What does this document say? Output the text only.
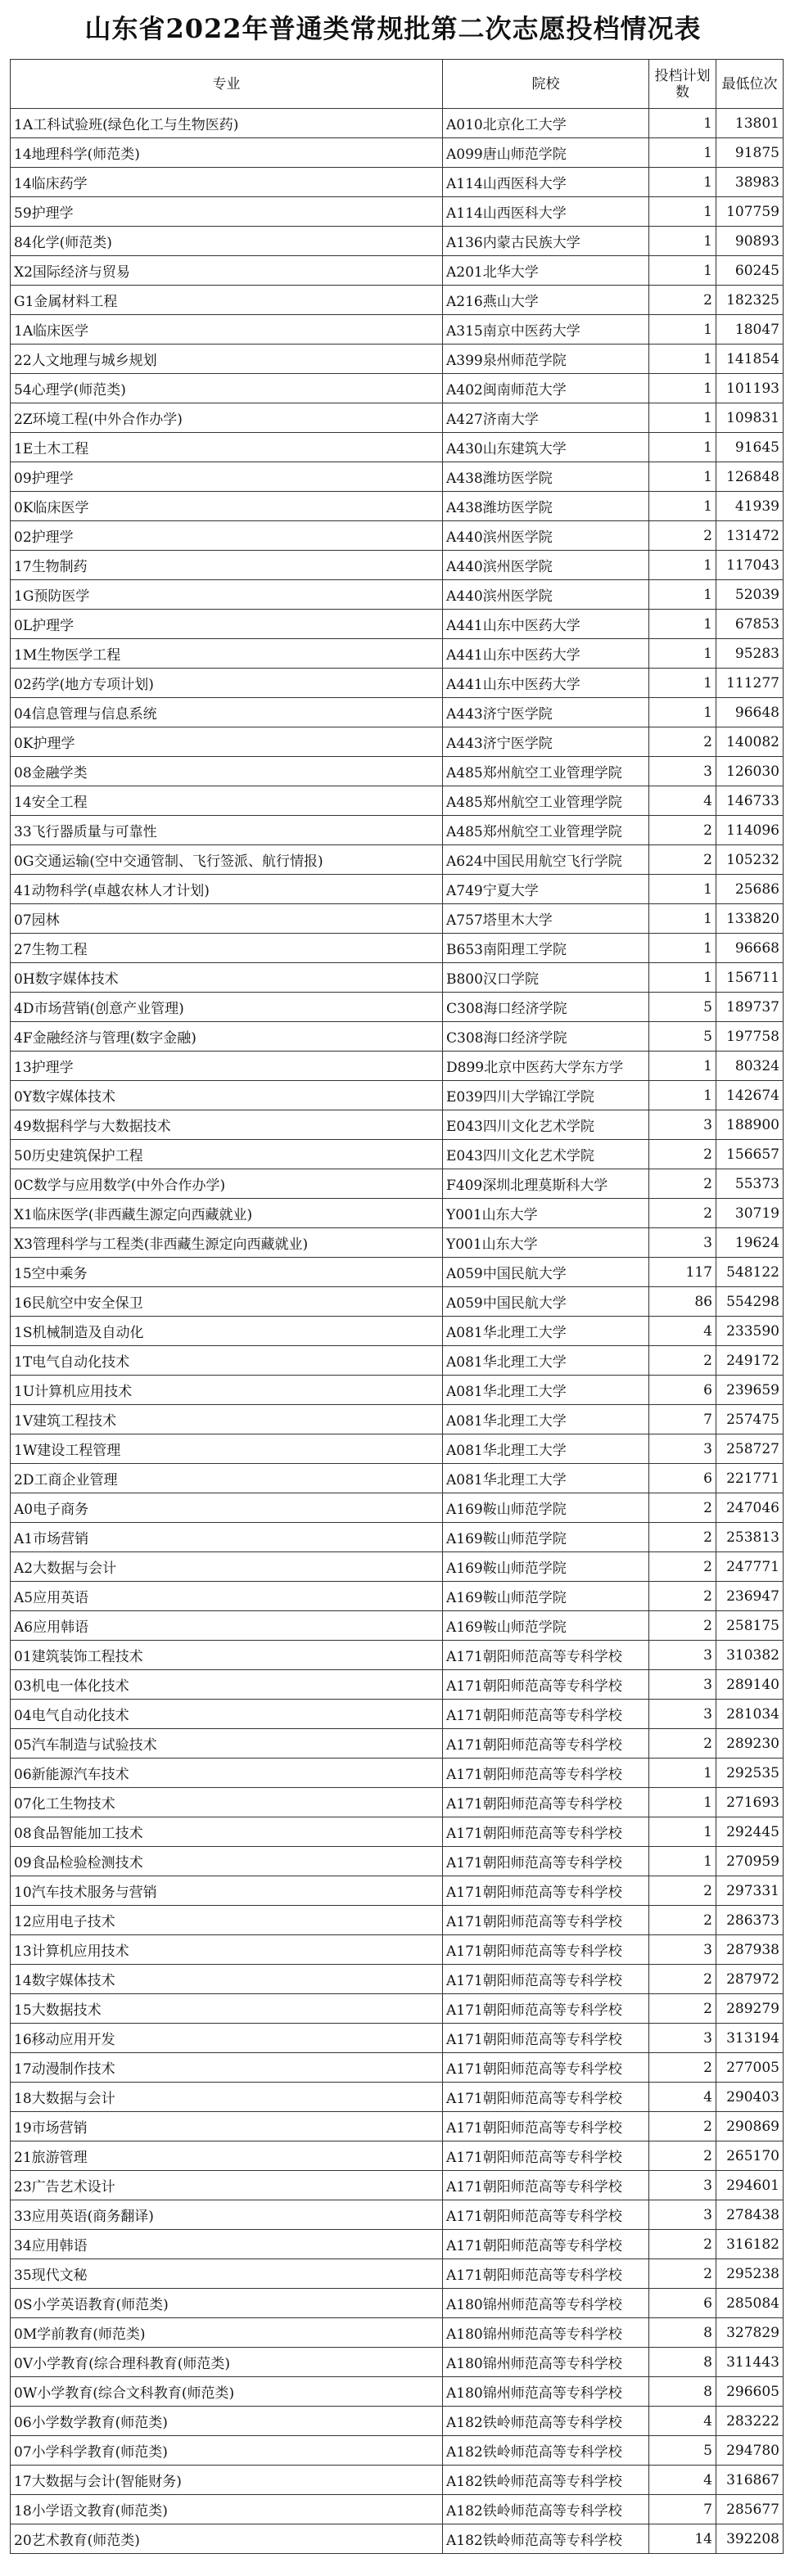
山东省2022年普通类常规批第二次志愿投档情况表
专业	院校	投档计划数	最低位次
1A工科试验班(绿色化工与生物医药)	A010北京化工大学	1	13801
14地理科学(师范类)	A099唐山师范学院	1	91875
14临床药学	A114山西医科大学	1	38983
59护理学	A114山西医科大学	1	107759
84化学(师范类)	A136内蒙古民族大学	1	90893
X2国际经济与贸易	A201北华大学	1	60245
G1金属材料工程	A216燕山大学	2	182325
1A临床医学	A315南京中医药大学	1	18047
22人文地理与城乡规划	A399泉州师范学院	1	141854
54心理学(师范类)	A402闽南师范大学	1	101193
2Z环境工程(中外合作办学)	A427济南大学	1	109831
1E土木工程	A430山东建筑大学	1	91645
09护理学	A438潍坊医学院	1	126848
0K临床医学	A438潍坊医学院	1	41939
02护理学	A440滨州医学院	2	131472
17生物制药	A440滨州医学院	1	117043
1G预防医学	A440滨州医学院	1	52039
0L护理学	A441山东中医药大学	1	67853
1M生物医学工程	A441山东中医药大学	1	95283
02药学(地方专项计划)	A441山东中医药大学	1	111277
04信息管理与信息系统	A443济宁医学院	1	96648
0K护理学	A443济宁医学院	2	140082
08金融学类	A485郑州航空工业管理学院	3	126030
14安全工程	A485郑州航空工业管理学院	4	146733
33飞行器质量与可靠性	A485郑州航空工业管理学院	2	114096
0G交通运输(空中交通管制、飞行签派、航行情报)	A624中国民用航空飞行学院	2	105232
41动物科学(卓越农林人才计划)	A749宁夏大学	1	25686
07园林	A757塔里木大学	1	133820
27生物工程	B653南阳理工学院	1	96668
0H数字媒体技术	B800汉口学院	1	156711
4D市场营销(创意产业管理)	C308海口经济学院	5	189737
4F金融经济与管理(数字金融)	C308海口经济学院	5	197758
13护理学	D899北京中医药大学东方学	1	80324
0Y数字媒体技术	E039四川大学锦江学院	1	142674
49数据科学与大数据技术	E043四川文化艺术学院	3	188900
50历史建筑保护工程	E043四川文化艺术学院	2	156657
0C数学与应用数学(中外合作办学)	F409深圳北理莫斯科大学	2	55373
X1临床医学(非西藏生源定向西藏就业)	Y001山东大学	2	30719
X3管理科学与工程类(非西藏生源定向西藏就业)	Y001山东大学	3	19624
15空中乘务	A059中国民航大学	117	548122
16民航空中安全保卫	A059中国民航大学	86	554298
1S机械制造及自动化	A081华北理工大学	4	233590
1T电气自动化技术	A081华北理工大学	2	249172
1U计算机应用技术	A081华北理工大学	6	239659
1V建筑工程技术	A081华北理工大学	7	257475
1W建设工程管理	A081华北理工大学	3	258727
2D工商企业管理	A081华北理工大学	6	221771
A0电子商务	A169鞍山师范学院	2	247046
A1市场营销	A169鞍山师范学院	2	253813
A2大数据与会计	A169鞍山师范学院	2	247771
A5应用英语	A169鞍山师范学院	2	236947
A6应用韩语	A169鞍山师范学院	2	258175
01建筑装饰工程技术	A171朝阳师范高等专科学校	3	310382
03机电一体化技术	A171朝阳师范高等专科学校	3	289140
04电气自动化技术	A171朝阳师范高等专科学校	3	281034
05汽车制造与试验技术	A171朝阳师范高等专科学校	2	289230
06新能源汽车技术	A171朝阳师范高等专科学校	1	292535
07化工生物技术	A171朝阳师范高等专科学校	1	271693
08食品智能加工技术	A171朝阳师范高等专科学校	1	292445
09食品检验检测技术	A171朝阳师范高等专科学校	1	270959
10汽车技术服务与营销	A171朝阳师范高等专科学校	2	297331
12应用电子技术	A171朝阳师范高等专科学校	2	286373
13计算机应用技术	A171朝阳师范高等专科学校	3	287938
14数字媒体技术	A171朝阳师范高等专科学校	2	287972
15大数据技术	A171朝阳师范高等专科学校	2	289279
16移动应用开发	A171朝阳师范高等专科学校	3	313194
17动漫制作技术	A171朝阳师范高等专科学校	2	277005
18大数据与会计	A171朝阳师范高等专科学校	4	290403
19市场营销	A171朝阳师范高等专科学校	2	290869
21旅游管理	A171朝阳师范高等专科学校	2	265170
23广告艺术设计	A171朝阳师范高等专科学校	3	294601
33应用英语(商务翻译)	A171朝阳师范高等专科学校	3	278438
34应用韩语	A171朝阳师范高等专科学校	2	316182
35现代文秘	A171朝阳师范高等专科学校	2	295238
0S小学英语教育(师范类)	A180锦州师范高等专科学校	6	285084
0M学前教育(师范类)	A180锦州师范高等专科学校	8	327829
0V小学教育(综合理科教育(师范类)	A180锦州师范高等专科学校	8	311443
0W小学教育(综合文科教育(师范类)	A180锦州师范高等专科学校	8	296605
06小学数学教育(师范类)	A182铁岭师范高等专科学校	4	283222
07小学科学教育(师范类)	A182铁岭师范高等专科学校	5	294780
17大数据与会计(智能财务)	A182铁岭师范高等专科学校	4	316867
18小学语文教育(师范类)	A182铁岭师范高等专科学校	7	285677
20艺术教育(师范类)	A182铁岭师范高等专科学校	14	392208
